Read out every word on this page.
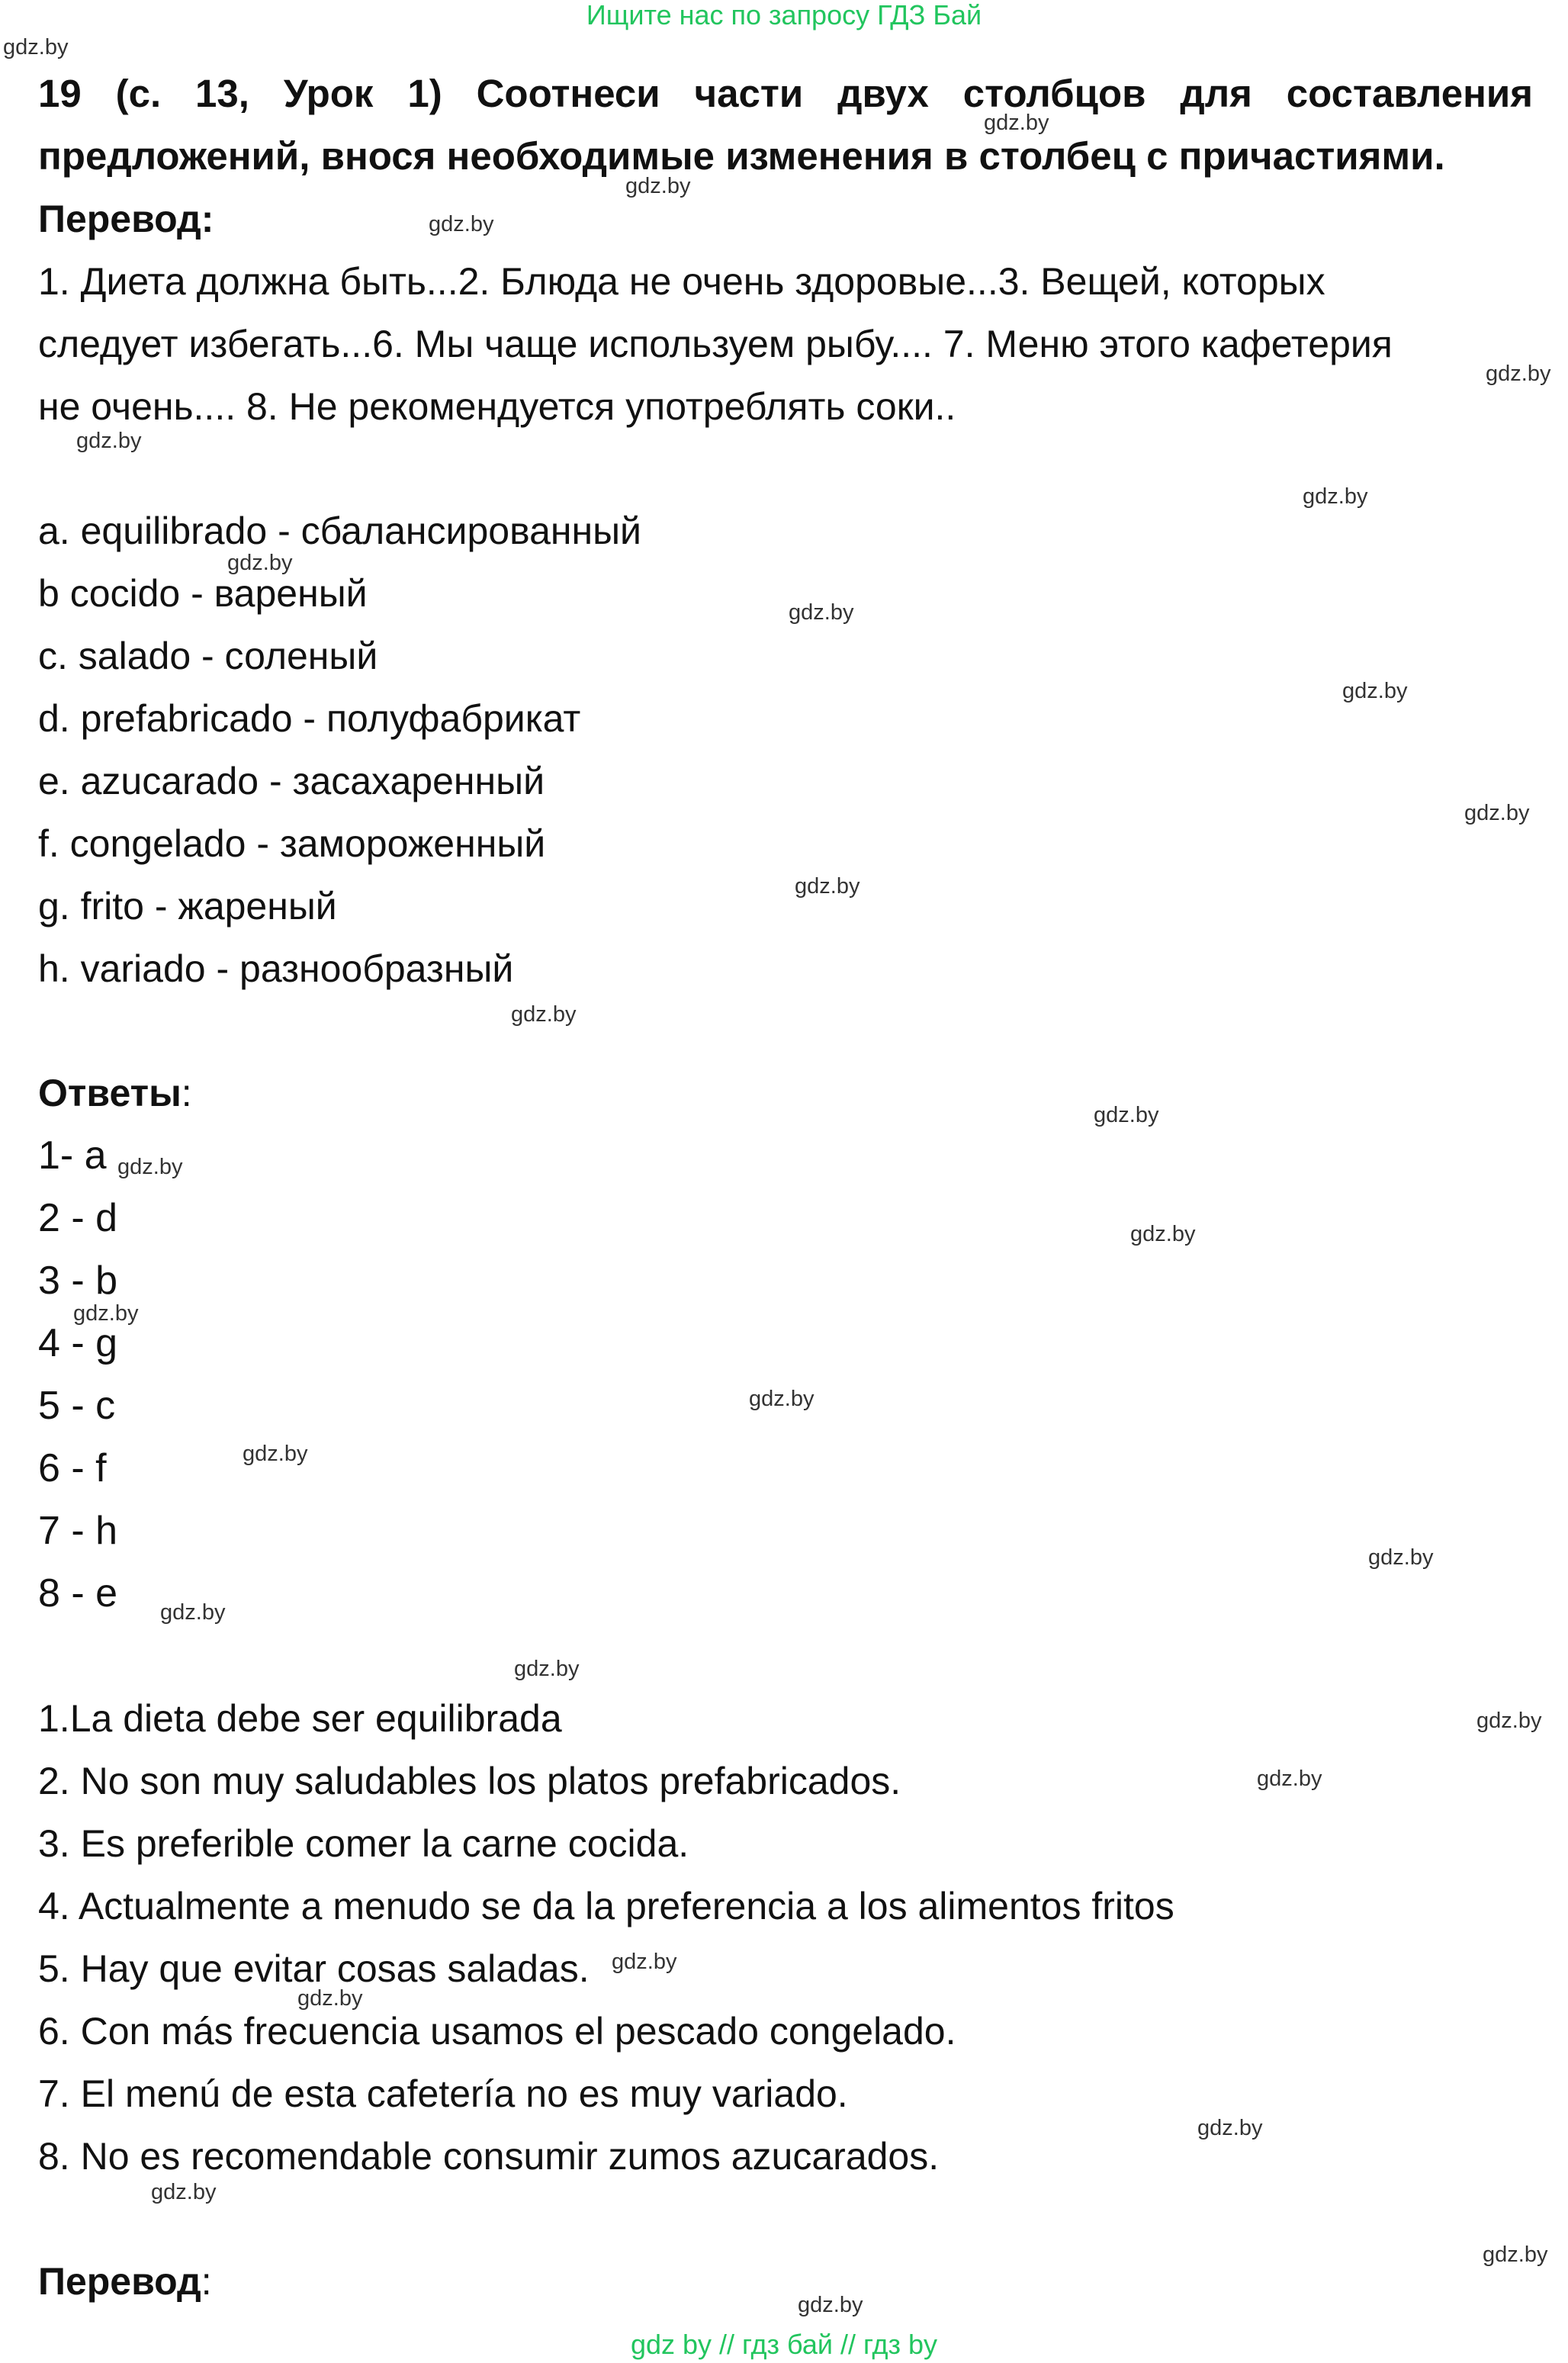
Ищите нас по запросу ГДЗ Бай
19 (с. 13, Урок 1) Соотнеси части двух столбцов для составления
предложений, внося необходимые изменения в столбец с причастиями.
Перевод:
1. Диета должна быть...2. Блюда не очень здоровые...3. Вещей, которых
следует избегать...6. Мы чаще используем рыбу.... 7. Меню этого кафетерия
не очень.... 8. Не рекомендуется употреблять соки..
a. equilibrado - сбалансированный
b cocido - вареный
c. salado - соленый
d. prefabricado - полуфабрикат
e. azucarado - засахаренный
f. congelado - замороженный
g. frito - жареный
h. variado - разнообразный
Ответы:
1- a
2 - d
3 - b
4 - g
5 - c
6 - f
7 - h
8 - e
1.La dieta debe ser equilibrada
2. No son muy saludables los platos prefabricados.
3. Es preferible comer la carne cocida.
4. Actualmente a menudo se da la preferencia a los alimentos fritos
5. Hay que evitar cosas saladas.
6. Con más frecuencia usamos el pescado congelado.
7. El menú de esta cafetería no es muy variado.
8. No es recomendable consumir zumos azucarados.
Перевод:
gdz.by
gdz.by
gdz.by
gdz.by
gdz.by
gdz.by
gdz.by
gdz.by
gdz.by
gdz.by
gdz.by
gdz.by
gdz.by
gdz.by
gdz.by
gdz.by
gdz.by
gdz.by
gdz.by
gdz.by
gdz.by
gdz.by
gdz.by
gdz.by
gdz.by
gdz.by
gdz.by
gdz.by
gdz.by
gdz.by
gdz by // гдз бай // гдз by
